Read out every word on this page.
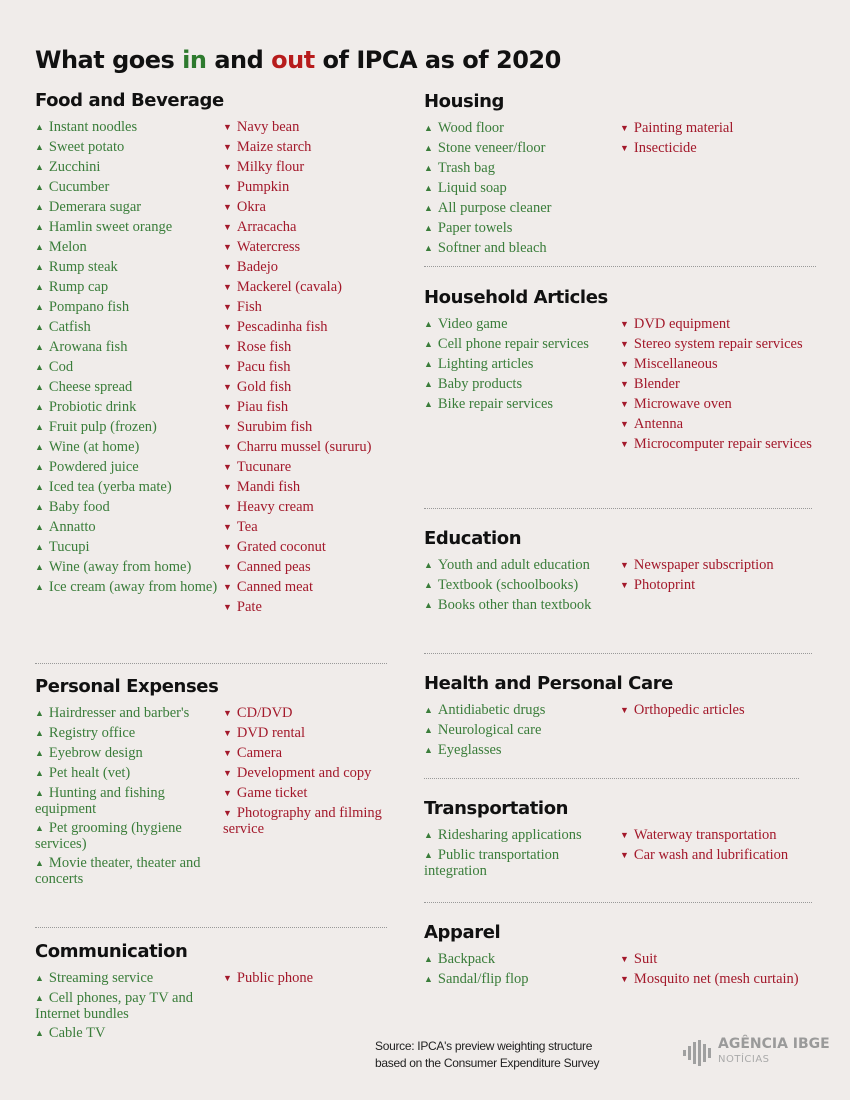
What goes in and out of IPCA as of 2020
Food and Beverage
▲ Instant noodles
▲ Sweet potato
▲ Zucchini
▲ Cucumber
▲ Demerara sugar
▲ Hamlin sweet orange
▲ Melon
▲ Rump steak
▲ Rump cap
▲ Pompano fish
▲ Catfish
▲ Arowana fish
▲ Cod
▲ Cheese spread
▲ Probiotic drink
▲ Fruit pulp (frozen)
▲ Wine (at home)
▲ Powdered juice
▲ Iced tea (yerba mate)
▲ Baby food
▲ Annatto
▲ Tucupi
▲ Wine (away from home)
▲ Ice cream (away from home)
▼ Navy bean
▼ Maize starch
▼ Milky flour
▼ Pumpkin
▼ Okra
▼ Arracacha
▼ Watercress
▼ Badejo
▼ Mackerel (cavala)
▼ Fish
▼ Pescadinha fish
▼ Rose fish
▼ Pacu fish
▼ Gold fish
▼ Piau fish
▼ Surubim fish
▼ Charru mussel (sururu)
▼ Tucunare
▼ Mandi fish
▼ Heavy cream
▼ Tea
▼ Grated coconut
▼ Canned peas
▼ Canned meat
▼ Pate
Personal Expenses
▲ Hairdresser and barber's
▲ Registry office
▲ Eyebrow design
▲ Pet healt (vet)
▲ Hunting and fishing equipment
▲ Pet grooming (hygiene services)
▲ Movie theater, theater and concerts
▼ CD/DVD
▼ DVD rental
▼ Camera
▼ Development and copy
▼ Game ticket
▼ Photography and filming service
Communication
▲ Streaming service
▲ Cell phones, pay TV and Internet bundles
▲ Cable TV
▼ Public phone
Housing
▲ Wood floor
▲ Stone veneer/floor
▲ Trash bag
▲ Liquid soap
▲ All purpose cleaner
▲ Paper towels
▲ Softner and bleach
▼ Painting material
▼ Insecticide
Household Articles
▲ Video game
▲ Cell phone repair services
▲ Lighting articles
▲ Baby products
▲ Bike repair services
▼ DVD equipment
▼ Stereo system repair services
▼ Miscellaneous
▼ Blender
▼ Microwave oven
▼ Antenna
▼ Microcomputer repair services
Education
▲ Youth and adult education
▲ Textbook (schoolbooks)
▲ Books other than textbook
▼ Newspaper subscription
▼ Photoprint
Health and Personal Care
▲ Antidiabetic drugs
▲ Neurological care
▲ Eyeglasses
▼ Orthopedic articles
Transportation
▲ Ridesharing applications
▲ Public transportation integration
▼ Waterway transportation
▼ Car wash and lubrification
Apparel
▲ Backpack
▲ Sandal/flip flop
▼ Suit
▼ Mosquito net (mesh curtain)
Source: IPCA's preview weighting structure
based on the Consumer Expenditure Survey
AGÊNCIA IBGE
NOTÍCIAS
